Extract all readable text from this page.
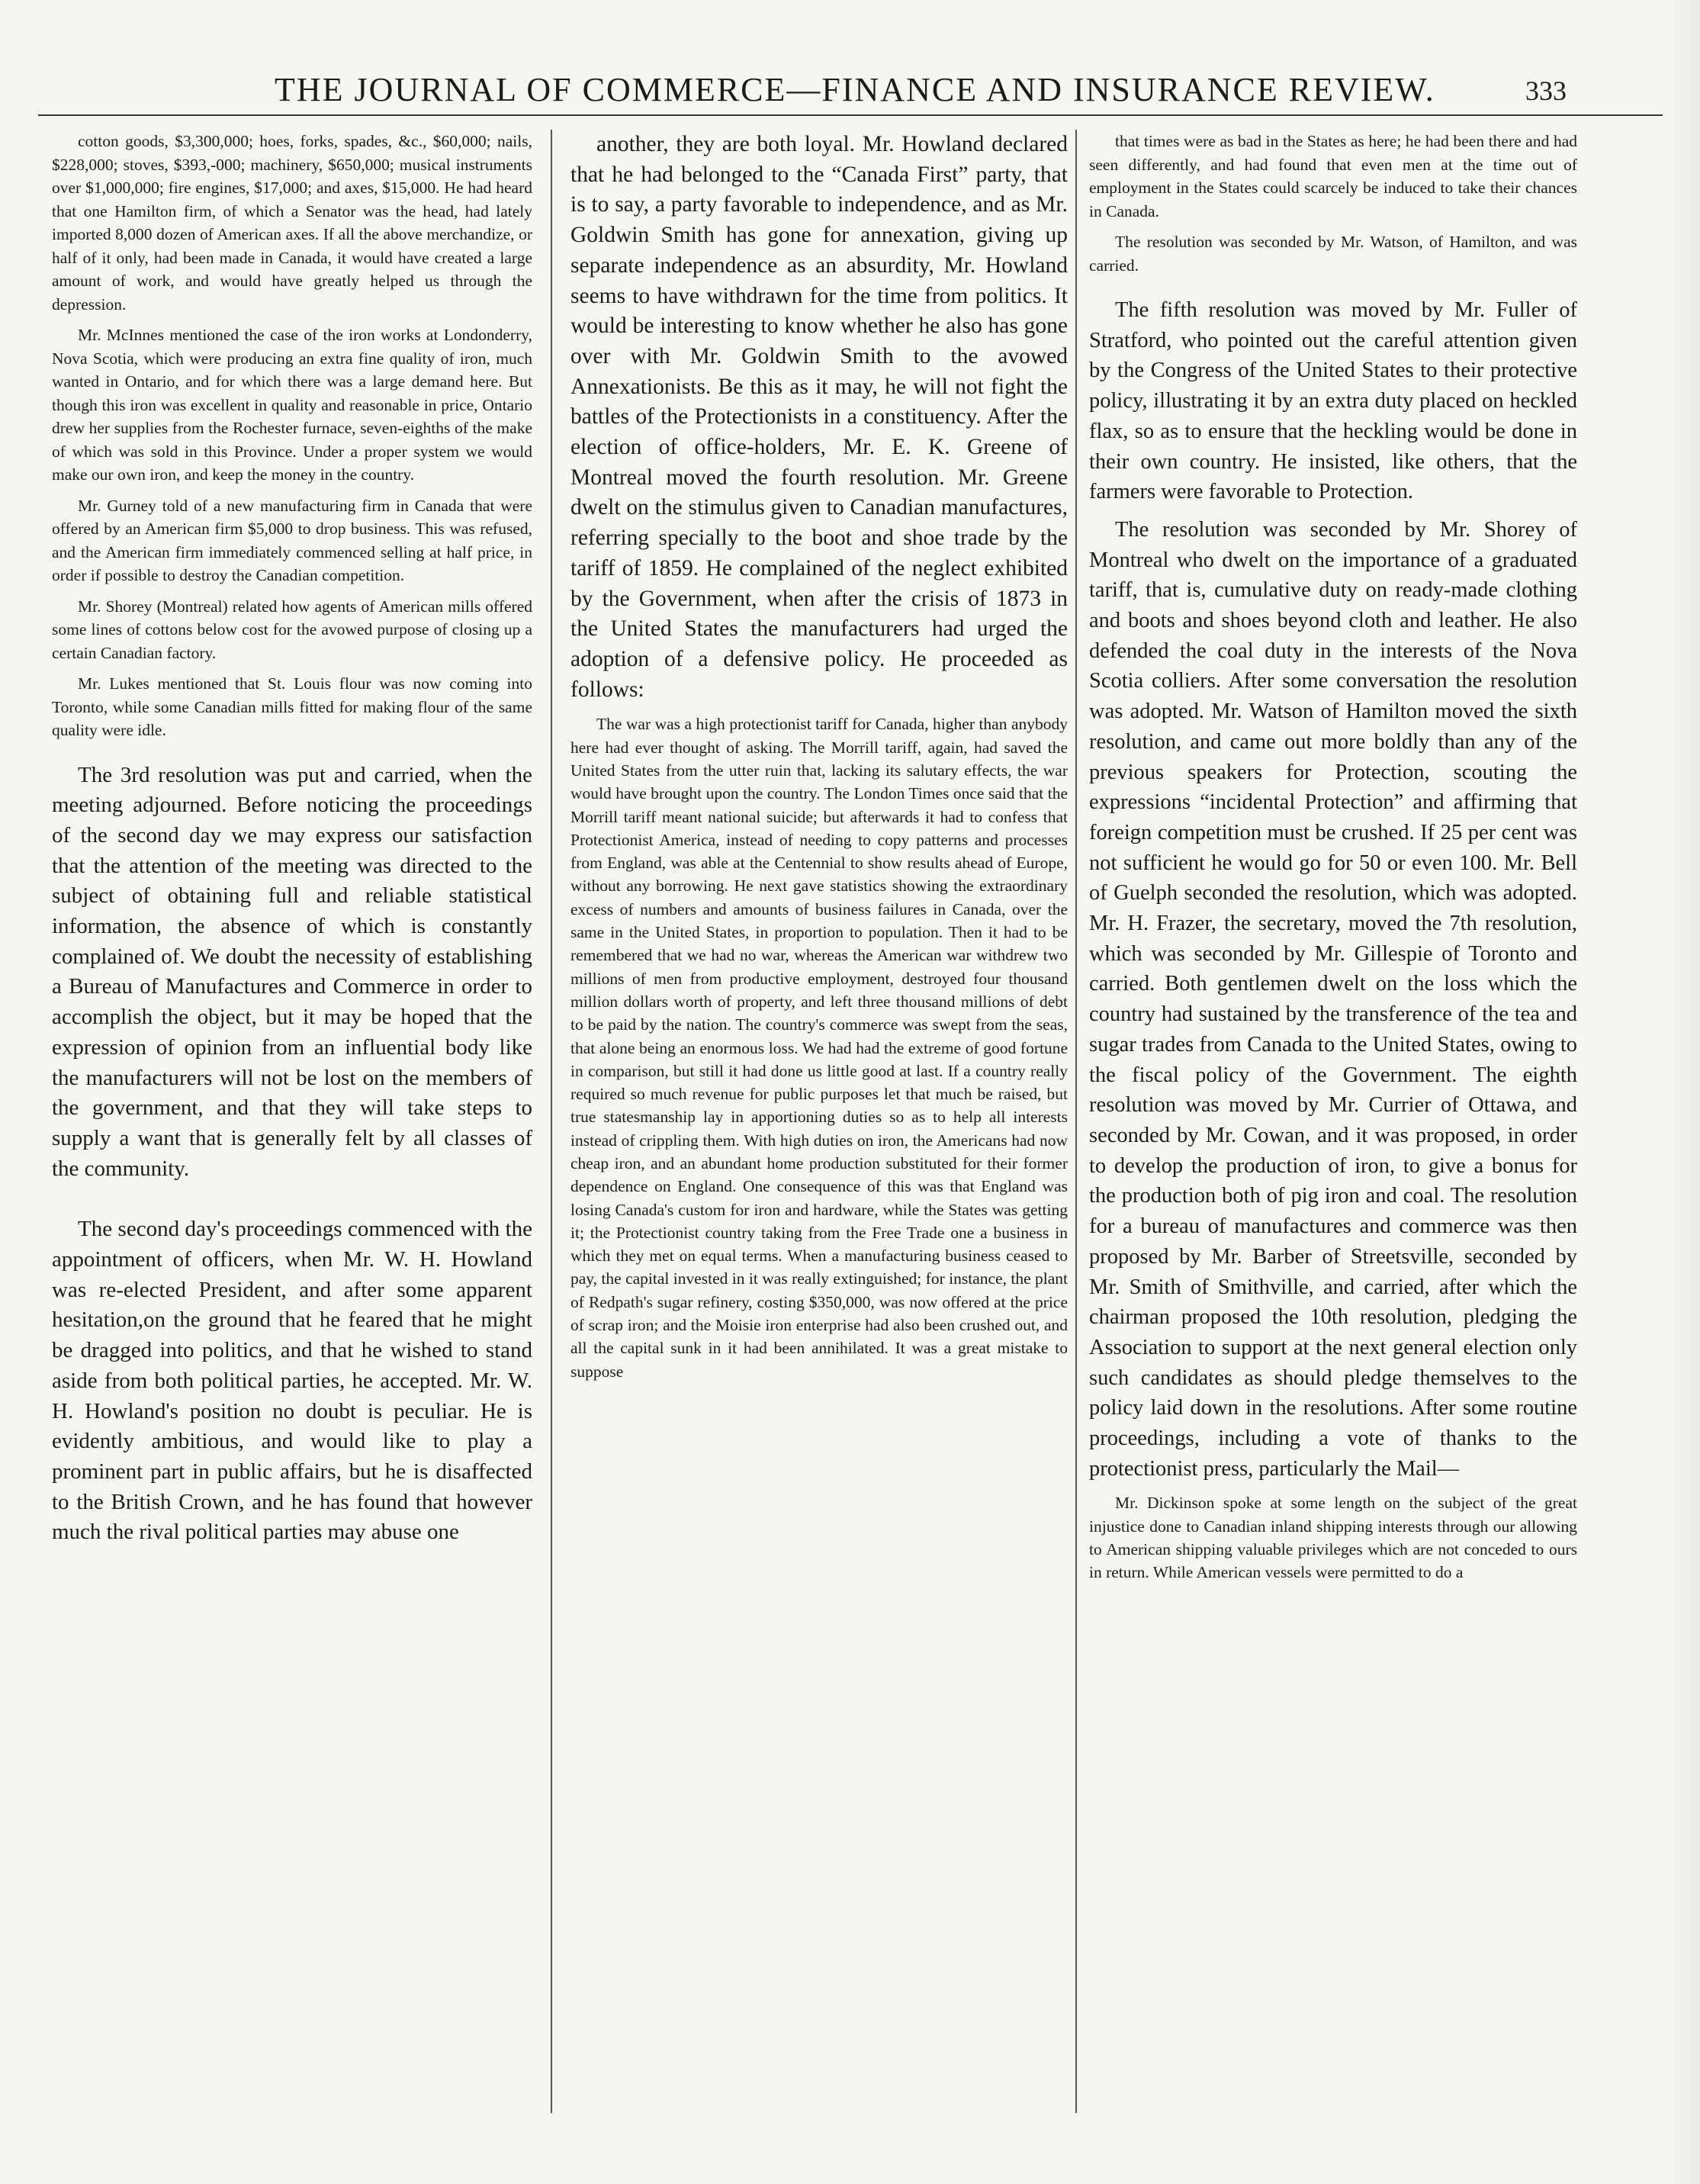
THE JOURNAL OF COMMERCE—FINANCE AND INSURANCE REVIEW.	333

cotton goods, $3,300,000; hoes, forks, spades, &c., $60,000; nails, $228,000; stoves, $393,-000; machinery, $650,000; musical instruments over $1,000,000; fire engines, $17,000; and axes, $15,000. He had heard that one Hamilton firm, of which a Senator was the head, had lately imported 8,000 dozen of American axes. If all the above merchandize, or half of it only, had been made in Canada, it would have created a large amount of work, and would have greatly helped us through the depression.

Mr. McInnes mentioned the case of the iron works at Londonderry, Nova Scotia, which were producing an extra fine quality of iron, much wanted in Ontario, and for which there was a large demand here. But though this iron was excellent in quality and reasonable in price, Ontario drew her supplies from the Rochester furnace, seven-eighths of the make of which was sold in this Province. Under a proper system we would make our own iron, and keep the money in the country.

Mr. Gurney told of a new manufacturing firm in Canada that were offered by an American firm $5,000 to drop business. This was refused, and the American firm immediately commenced selling at half price, in order if possible to destroy the Canadian competition.

Mr. Shorey (Montreal) related how agents of American mills offered some lines of cottons below cost for the avowed purpose of closing up a certain Canadian factory.

Mr. Lukes mentioned that St. Louis flour was now coming into Toronto, while some Canadian mills fitted for making flour of the same quality were idle.

The 3rd resolution was put and carried, when the meeting adjourned. Before noticing the proceedings of the second day we may express our satisfaction that the attention of the meeting was directed to the subject of obtaining full and reliable statistical information, the absence of which is constantly complained of. We doubt the necessity of establishing a Bureau of Manufactures and Commerce in order to accomplish the object, but it may be hoped that the expression of opinion from an influential body like the manufacturers will not be lost on the members of the government, and that they will take steps to supply a want that is generally felt by all classes of the community.

The second day's proceedings commenced with the appointment of officers, when Mr. W. H. Howland was re-elected President, and after some apparent hesitation,on the ground that he feared that he might be dragged into politics, and that he wished to stand aside from both political parties, he accepted. Mr. W. H. Howland's position no doubt is peculiar. He is evidently ambitious, and would like to play a prominent part in public affairs, but he is disaffected to the British Crown, and he has found that however much the rival political parties may abuse one

another, they are both loyal. Mr. Howland declared that he had belonged to the “Canada First” party, that is to say, a party favorable to independence, and as Mr. Goldwin Smith has gone for annexation, giving up separate independence as an absurdity, Mr. Howland seems to have withdrawn for the time from politics. It would be interesting to know whether he also has gone over with Mr. Goldwin Smith to the avowed Annexationists. Be this as it may, he will not fight the battles of the Protectionists in a constituency. After the election of office-holders, Mr. E. K. Greene of Montreal moved the fourth resolution. Mr. Greene dwelt on the stimulus given to Canadian manufactures, referring specially to the boot and shoe trade by the tariff of 1859. He complained of the neglect exhibited by the Government, when after the crisis of 1873 in the United States the manufacturers had urged the adoption of a defensive policy. He proceeded as follows:

The war was a high protectionist tariff for Canada, higher than anybody here had ever thought of asking. The Morrill tariff, again, had saved the United States from the utter ruin that, lacking its salutary effects, the war would have brought upon the country. The London Times once said that the Morrill tariff meant national suicide; but afterwards it had to confess that Protectionist America, instead of needing to copy patterns and processes from England, was able at the Centennial to show results ahead of Europe, without any borrowing. He next gave statistics showing the extraordinary excess of numbers and amounts of business failures in Canada, over the same in the United States, in proportion to population. Then it had to be remembered that we had no war, whereas the American war withdrew two millions of men from productive employment, destroyed four thousand million dollars worth of property, and left three thousand millions of debt to be paid by the nation. The country's commerce was swept from the seas, that alone being an enormous loss. We had had the extreme of good fortune in comparison, but still it had done us little good at last. If a country really required so much revenue for public purposes let that much be raised, but true statesmanship lay in apportioning duties so as to help all interests instead of crippling them. With high duties on iron, the Americans had now cheap iron, and an abundant home production substituted for their former dependence on England. One consequence of this was that England was losing Canada's custom for iron and hardware, while the States was getting it; the Protectionist country taking from the Free Trade one a business in which they met on equal terms. When a manufacturing business ceased to pay, the capital invested in it was really extinguished; for instance, the plant of Redpath's sugar refinery, costing $350,000, was now offered at the price of scrap iron; and the Moisie iron enterprise had also been crushed out, and all the capital sunk in it had been annihilated. It was a great mistake to suppose

that times were as bad in the States as here; he had been there and had seen differently, and had found that even men at the time out of employment in the States could scarcely be induced to take their chances in Canada.

The resolution was seconded by Mr. Watson, of Hamilton, and was carried.

The fifth resolution was moved by Mr. Fuller of Stratford, who pointed out the careful attention given by the Congress of the United States to their protective policy, illustrating it by an extra duty placed on heckled flax, so as to ensure that the heckling would be done in their own country. He insisted, like others, that the farmers were favorable to Protection.

The resolution was seconded by Mr. Shorey of Montreal who dwelt on the importance of a graduated tariff, that is, cumulative duty on ready-made clothing and boots and shoes beyond cloth and leather. He also defended the coal duty in the interests of the Nova Scotia colliers. After some conversation the resolution was adopted. Mr. Watson of Hamilton moved the sixth resolution, and came out more boldly than any of the previous speakers for Protection, scouting the expressions “incidental Protection” and affirming that foreign competition must be crushed. If 25 per cent was not sufficient he would go for 50 or even 100. Mr. Bell of Guelph seconded the resolution, which was adopted. Mr. H. Frazer, the secretary, moved the 7th resolution, which was seconded by Mr. Gillespie of Toronto and carried. Both gentlemen dwelt on the loss which the country had sustained by the transference of the tea and sugar trades from Canada to the United States, owing to the fiscal policy of the Government. The eighth resolution was moved by Mr. Currier of Ottawa, and seconded by Mr. Cowan, and it was proposed, in order to develop the production of iron, to give a bonus for the production both of pig iron and coal. The resolution for a bureau of manufactures and commerce was then proposed by Mr. Barber of Streetsville, seconded by Mr. Smith of Smithville, and carried, after which the chairman proposed the 10th resolution, pledging the Association to support at the next general election only such candidates as should pledge themselves to the policy laid down in the resolutions. After some routine proceedings, including a vote of thanks to the protectionist press, particularly the Mail—

Mr. Dickinson spoke at some length on the subject of the great injustice done to Canadian inland shipping interests through our allowing to American shipping valuable privileges which are not conceded to ours in return. While American vessels were permitted to do a
